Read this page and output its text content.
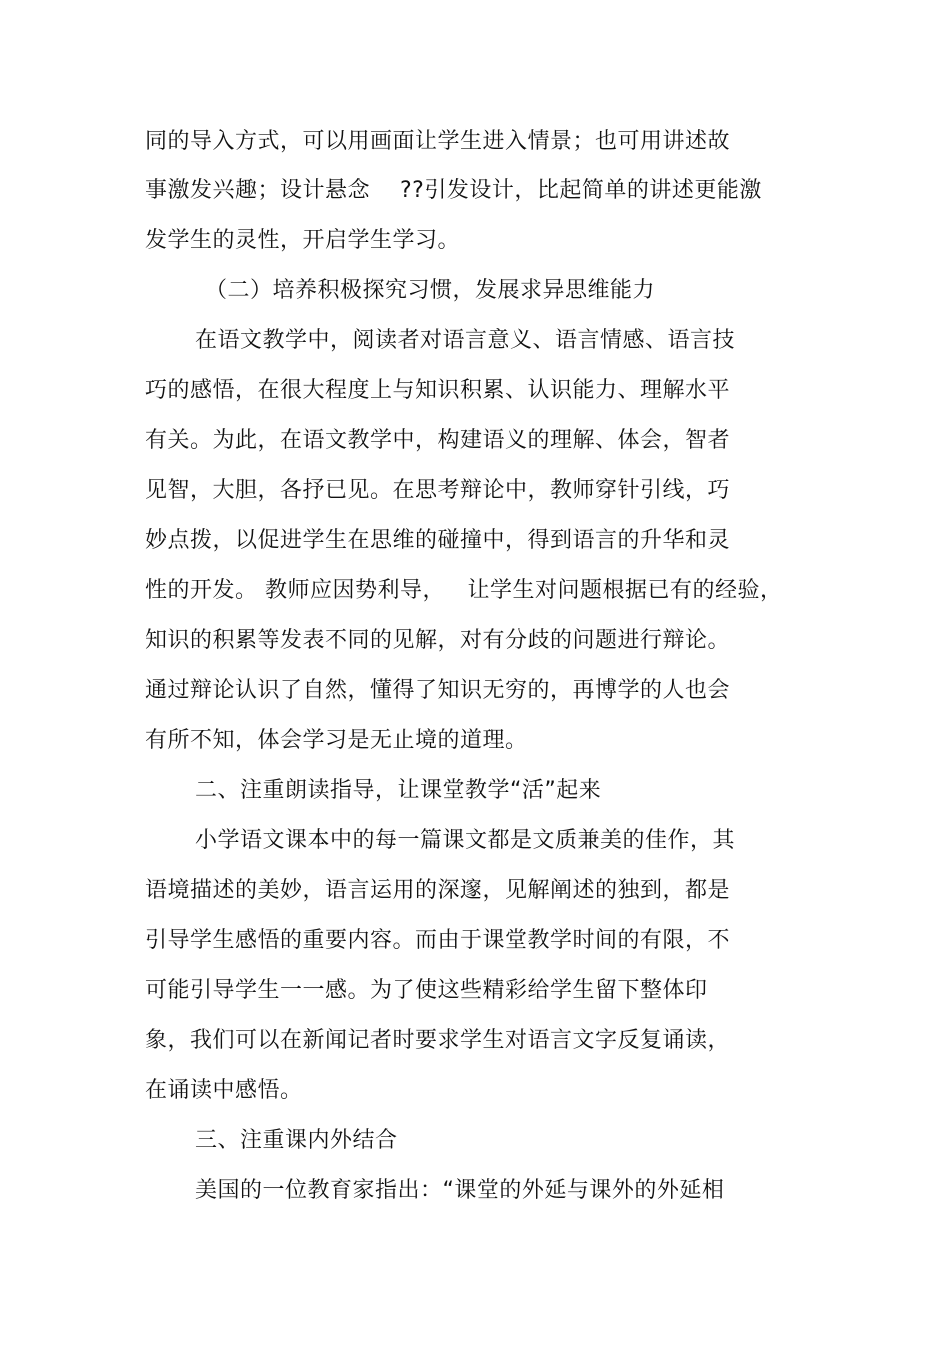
同的导入方式，可以用画面让学生进入情景；也可用讲述故
事激发兴趣；设计悬念    ??引发设计，比起简单的讲述更能激
发学生的灵性，开启学生学习。
（二）培养积极探究习惯，发展求异思维能力
在语文教学中，阅读者对语言意义、语言情感、语言技
巧的感悟，在很大程度上与知识积累、认识能力、理解水平
有关。为此，在语文教学中，构建语义的理解、体会，智者
见智，大胆，各抒已见。在思考辩论中，教师穿针引线，巧
妙点拨，以促进学生在思维的碰撞中，得到语言的升华和灵
性的开发。 教师应因势利导，   让学生对问题根据已有的经验，
知识的积累等发表不同的见解，对有分歧的问题进行辩论。
通过辩论认识了自然，懂得了知识无穷的，再博学的人也会
有所不知，体会学习是无止境的道理。
二、注重朗读指导，让课堂教学“活”起来
小学语文课本中的每一篇课文都是文质兼美的佳作，其
语境描述的美妙，语言运用的深邃，见解阐述的独到，都是
引导学生感悟的重要内容。而由于课堂教学时间的有限，不
可能引导学生一一感。为了使这些精彩给学生留下整体印
象，我们可以在新闻记者时要求学生对语言文字反复诵读，
在诵读中感悟。
三、注重课内外结合
美国的一位教育家指出：“课堂的外延与课外的外延相
